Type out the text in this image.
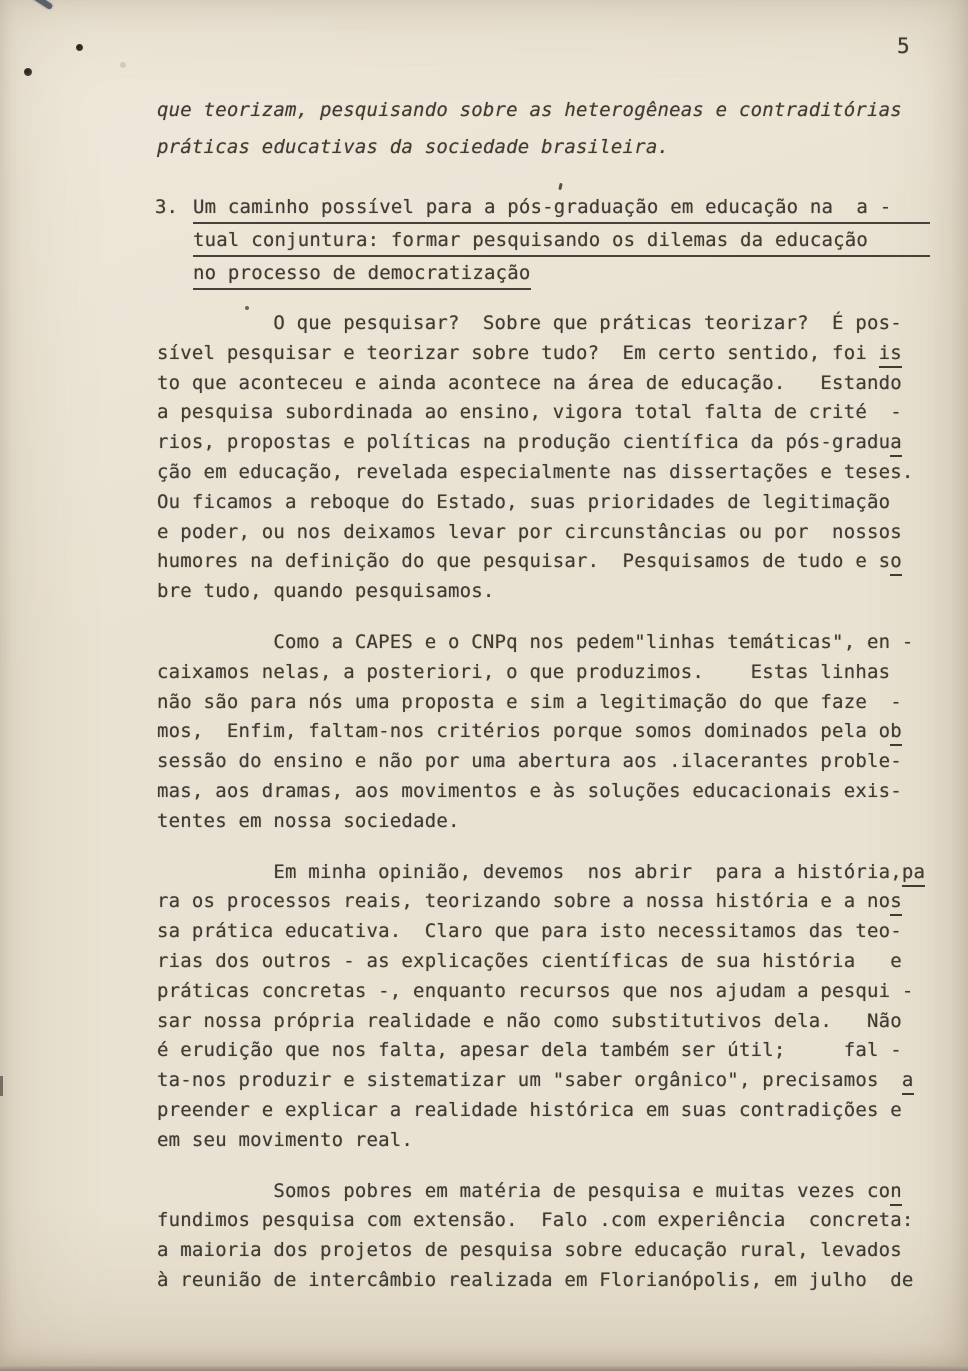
5
que teorizam, pesquisando sobre as heterogêneas e contraditórias
práticas educativas da sociedade brasileira.
3. Um caminho possível para a pós-graduação em educação na  a -
tual conjuntura: formar pesquisando os dilemas da educação
no processo de democratização
O que pesquisar?  Sobre que práticas teorizar?  É pos-
sível pesquisar e teorizar sobre tudo?  Em certo sentido, foi is
to que aconteceu e ainda acontece na área de educação.   Estando
a pesquisa subordinada ao ensino, vigora total falta de crité  -
rios, propostas e políticas na produção científica da pós-gradua
ção em educação, revelada especialmente nas dissertações e teses.
Ou ficamos a reboque do Estado, suas prioridades de legitimação
e poder, ou nos deixamos levar por circunstâncias ou por  nossos
humores na definição do que pesquisar.  Pesquisamos de tudo e so
bre tudo, quando pesquisamos.
Como a CAPES e o CNPq nos pedem"linhas temáticas", en -
caixamos nelas, a posteriori, o que produzimos.    Estas linhas
não são para nós uma proposta e sim a legitimação do que faze  -
mos,  Enfim, faltam-nos critérios porque somos dominados pela ob
sessão do ensino e não por uma abertura aos .ilacerantes proble-
mas, aos dramas, aos movimentos e às soluções educacionais exis-
tentes em nossa sociedade.
Em minha opinião, devemos  nos abrir  para a história,pa
ra os processos reais, teorizando sobre a nossa história e a nos
sa prática educativa.  Claro que para isto necessitamos das teo-
rias dos outros - as explicações científicas de sua história   e
práticas concretas -, enquanto recursos que nos ajudam a pesqui -
sar nossa própria realidade e não como substitutivos dela.   Não
é erudição que nos falta, apesar dela também ser útil;     fal -
ta-nos produzir e sistematizar um "saber orgânico", precisamos  a
preender e explicar a realidade histórica em suas contradições e
em seu movimento real.
Somos pobres em matéria de pesquisa e muitas vezes con
fundimos pesquisa com extensão.  Falo .com experiência  concreta:
a maioria dos projetos de pesquisa sobre educação rural, levados
à reunião de intercâmbio realizada em Florianópolis, em julho  de
